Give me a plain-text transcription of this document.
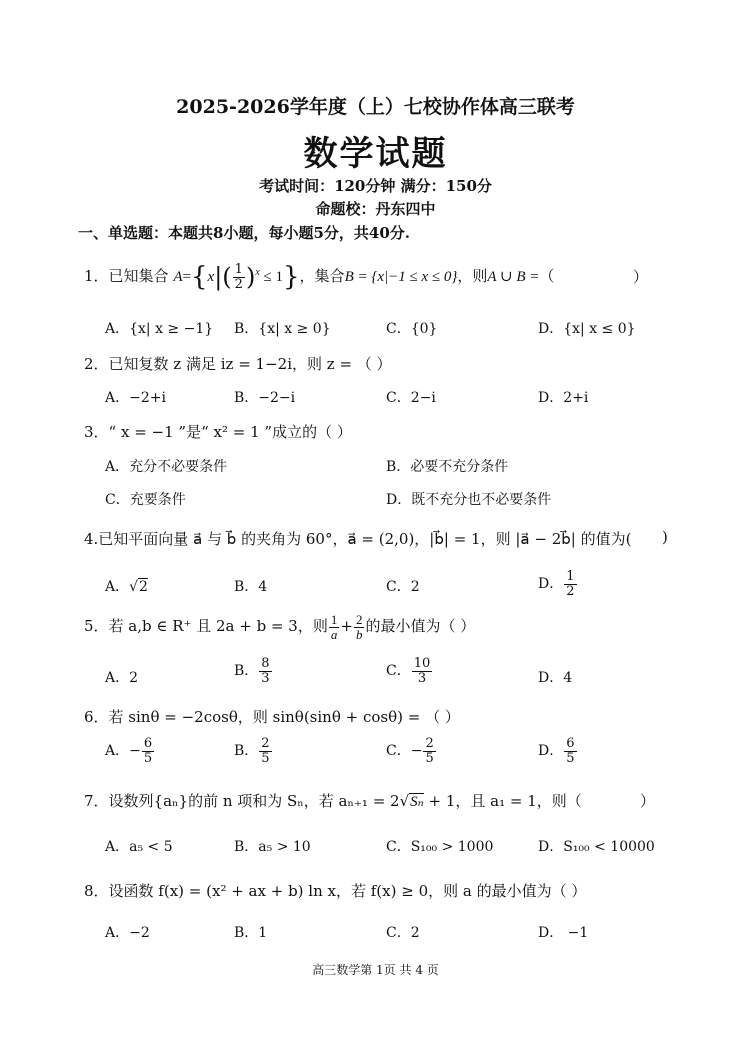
2025-2026学年度（上）七校协作体高三联考
数学试题
考试时间：120分钟 满分：150分
命题校：丹东四中
一、单选题：本题共8小题，每小题5分，共40分.
1．已知集合 $A=\{x|( \frac{1}{2} )^x \le 1\}$，集合B = {x|−1 ≤ x ≤ 0}，则A ∪ B =（	）
A．{x| x ≥ −1} B．{x| x ≥ 0}	C．{0}	D．{x| x ≤ 0}
2．已知复数 z 满足 iz = 1−2i，则 z = （ ）
A．−2+i	B．−2−i	C．2−i	D．2+i
3．“ x = −1 ”是“ x² = 1 ”成立的（ ）
A．充分不必要条件	B．必要不充分条件
C．充要条件	D．既不充分也不必要条件
4.已知平面向量 a⃗ 与 b⃗ 的夹角为 60°，a⃗ = (2,0)，|b⃗| = 1，则 |a⃗ − 2b⃗| 的值为( )
A．√2	B．4	C．2	D． $\frac{1}{2}$
5．若 a,b ∈ R⁺ 且 2a + b = 3，则 $\frac{1}{a} + \frac{2}{b}$ 的最小值为（ ）
A．2	B． $\frac{8}{3}$	C． $\frac{10}{3}$	D．4
6．若 sinθ = −2cosθ，则 sinθ(sinθ + cosθ) = （ ）
A．− $\frac{6}{5}$	B． $\frac{2}{5}$	C．− $\frac{2}{5}$	D． $\frac{6}{5}$
7．设数列{aₙ}的前 n 项和为 Sₙ，若 aₙ₊₁ = 2√Sₙ + 1，且 a₁ = 1，则（	）
A．a₅ < 5	B．a₅ > 10	C．S₁₀₀ > 1000	D．S₁₀₀ < 10000
8．设函数 f(x) = (x² + ax + b) ln x，若 f(x) ≥ 0，则 a 的最小值为（ ）
A．−2	B．1	C．2	D． −1
高三数学第 1页 共 4 页
